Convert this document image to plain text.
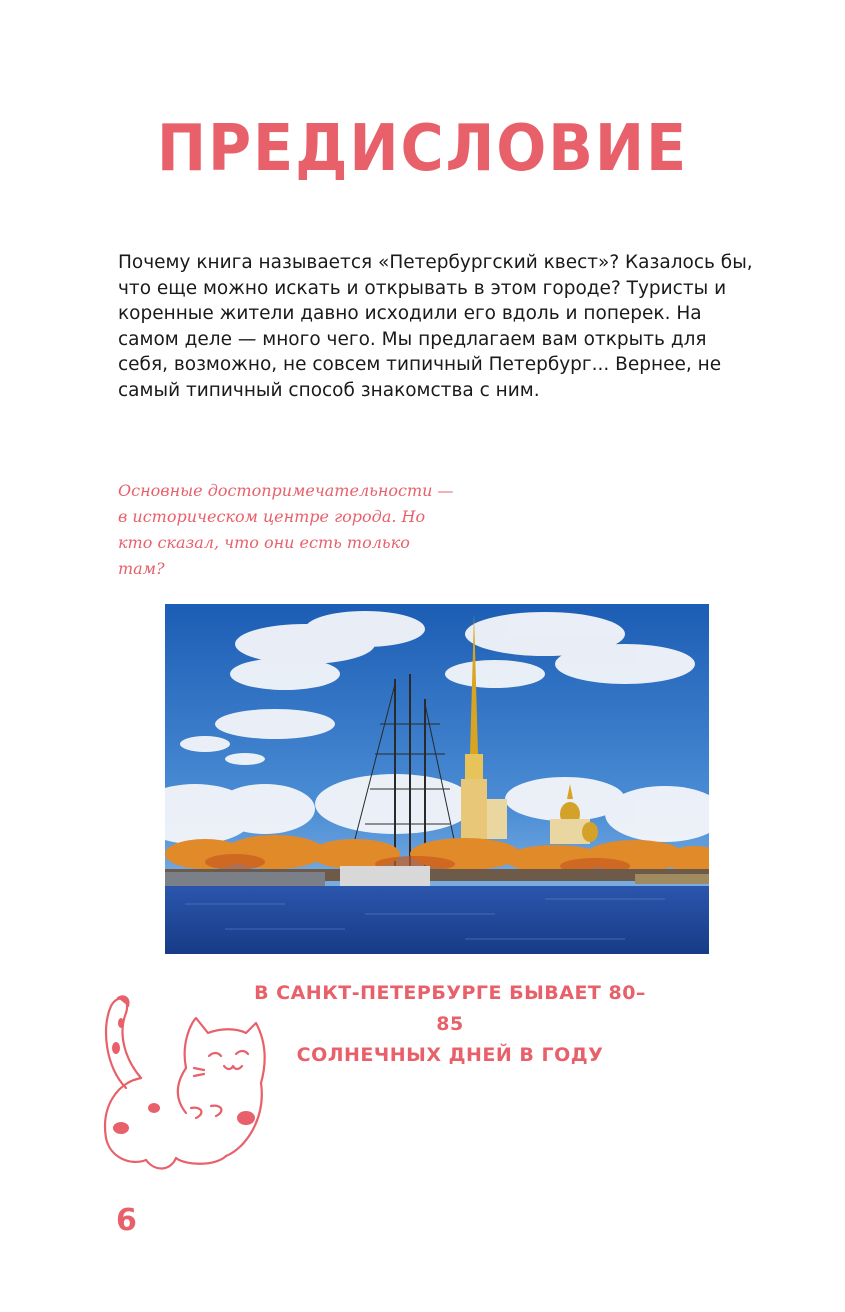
ПРЕДИСЛОВИЕ

Почему книга называется «Петербургский квест»? Казалось бы, что еще можно искать и открывать в этом городе? Туристы и коренные жители давно исходили его вдоль и поперек. На самом деле — много чего. Мы предлагаем вам открыть для себя, возможно, не совсем типичный Петербург... Вернее, не самый типичный способ знакомства с ним.

Основные достопримечательности — в историческом центре города. Но кто сказал, что они есть только там?

В САНКТ-ПЕТЕРБУРГЕ БЫВАЕТ 80–85
СОЛНЕЧНЫХ ДНЕЙ В ГОДУ
6
